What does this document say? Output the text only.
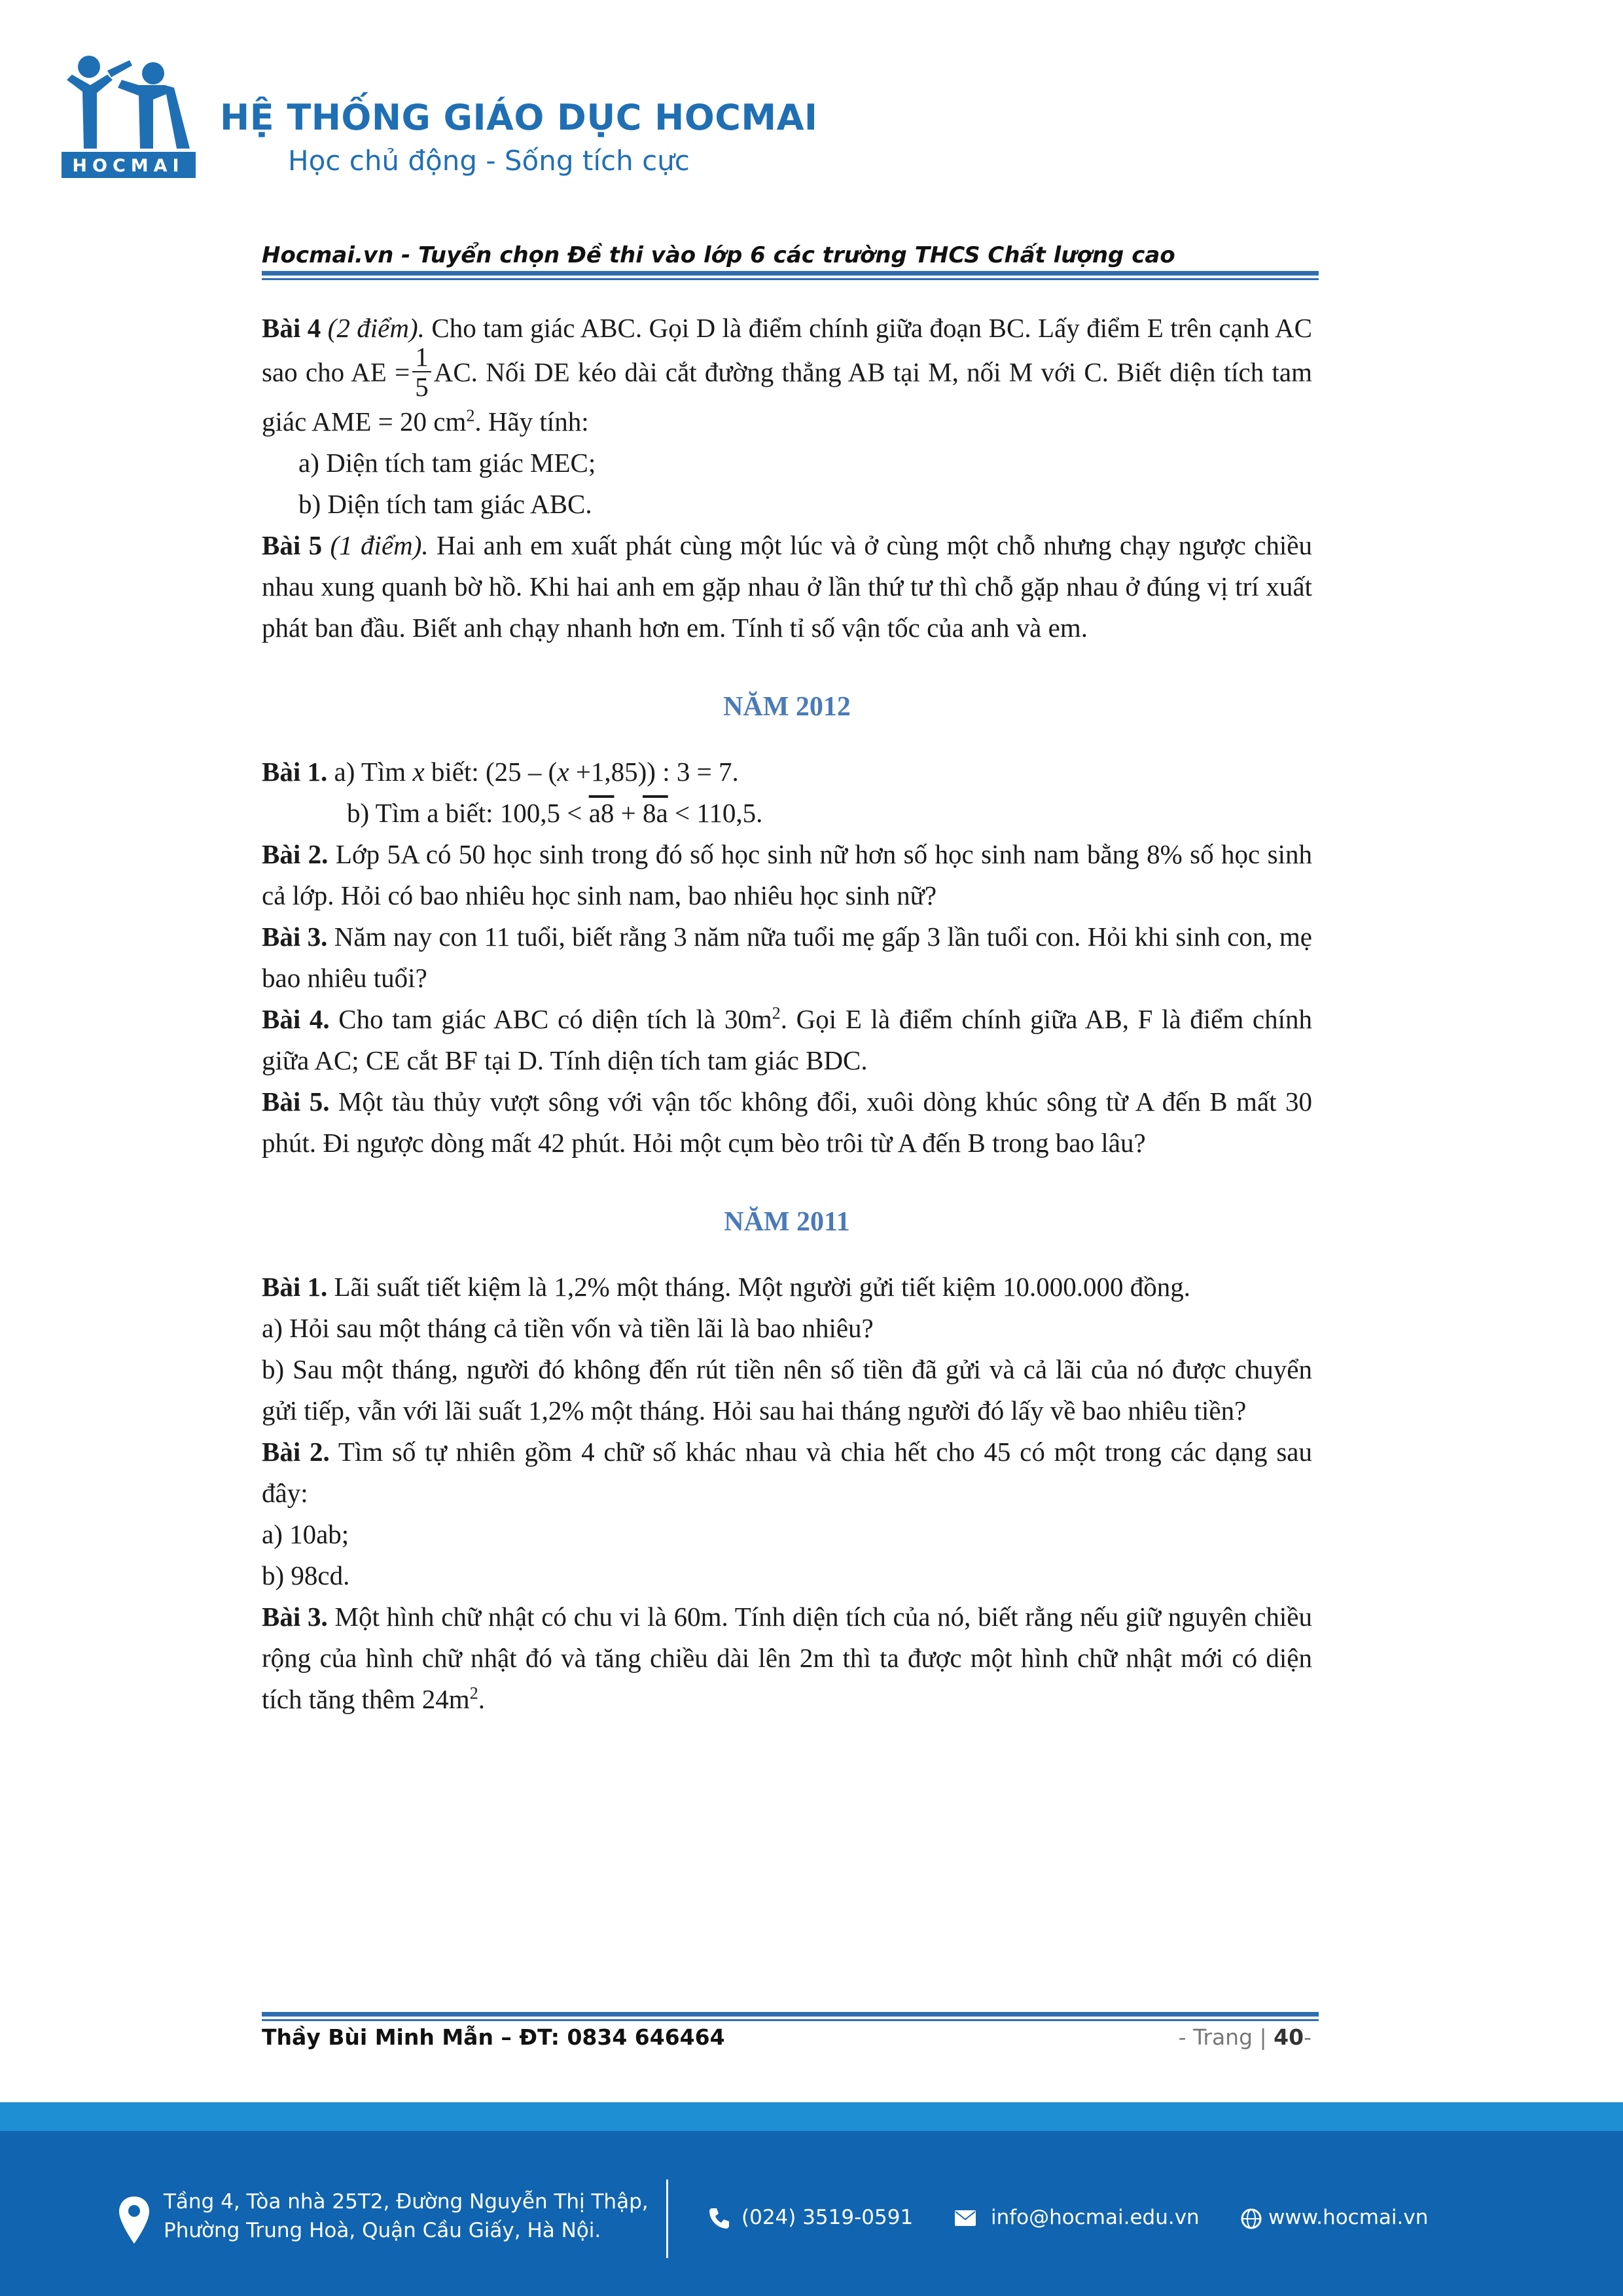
HOCMAI
HỆ THỐNG GIÁO DỤC HOCMAI
Học chủ động - Sống tích cực
Hocmai.vn - Tuyển chọn Đề thi vào lớp 6 các trường THCS Chất lượng cao

Bài 4 (2 điểm). Cho tam giác ABC. Gọi D là điểm chính giữa đoạn BC. Lấy điểm E trên cạnh AC sao cho AE = $\frac{1}{5}$ AC. Nối DE kéo dài cắt đường thẳng AB tại M, nối M với C. Biết diện tích tam giác AME = 20 $cm^2$. Hãy tính:

a) Diện tích tam giác MEC;

b) Diện tích tam giác ABC.

Bài 5 (1 điểm). Hai anh em xuất phát cùng một lúc và ở cùng một chỗ nhưng chạy ngược chiều nhau xung quanh bờ hồ. Khi hai anh em gặp nhau ở lần thứ tư thì chỗ gặp nhau ở đúng vị trí xuất phát ban đầu. Biết anh chạy nhanh hơn em. Tính tỉ số vận tốc của anh và em.

NĂM 2012

Bài 1. a) Tìm x biết: (25 – (x +1,85)) : 3 = 7.

b) Tìm a biết: 100,5 < a8 + 8a < 110,5.

Bài 2. Lớp 5A có 50 học sinh trong đó số học sinh nữ hơn số học sinh nam bằng 8% số học sinh cả lớp. Hỏi có bao nhiêu học sinh nam, bao nhiêu học sinh nữ?

Bài 3. Năm nay con 11 tuổi, biết rằng 3 năm nữa tuổi mẹ gấp 3 lần tuổi con. Hỏi khi sinh con, mẹ bao nhiêu tuổi?

Bài 4. Cho tam giác ABC có diện tích là $30m^2$. Gọi E là điểm chính giữa AB, F là điểm chính giữa AC; CE cắt BF tại D. Tính diện tích tam giác BDC.

Bài 5. Một tàu thủy vượt sông với vận tốc không đổi, xuôi dòng khúc sông từ A đến B mất 30 phút. Đi ngược dòng mất 42 phút. Hỏi một cụm bèo trôi từ A đến B trong bao lâu?

NĂM 2011

Bài 1. Lãi suất tiết kiệm là 1,2% một tháng. Một người gửi tiết kiệm 10.000.000 đồng.

a) Hỏi sau một tháng cả tiền vốn và tiền lãi là bao nhiêu?

b) Sau một tháng, người đó không đến rút tiền nên số tiền đã gửi và cả lãi của nó được chuyển gửi tiếp, vẫn với lãi suất 1,2% một tháng. Hỏi sau hai tháng người đó lấy về bao nhiêu tiền?

Bài 2. Tìm số tự nhiên gồm 4 chữ số khác nhau và chia hết cho 45 có một trong các dạng sau đây:

a) 10ab;

b) 98cd.

Bài 3. Một hình chữ nhật có chu vi là 60m. Tính diện tích của nó, biết rằng nếu giữ nguyên chiều rộng của hình chữ nhật đó và tăng chiều dài lên 2m thì ta được một hình chữ nhật mới có diện tích tăng thêm $24m^2$.

Thầy Bùi Minh Mẫn – ĐT: 0834 646464	- Trang | 40-
Tầng 4, Tòa nhà 25T2, Đường Nguyễn Thị Thập,
Phường Trung Hoà, Quận Cầu Giấy, Hà Nội.
(024) 3519-0591	info@hocmai.edu.vn	www.hocmai.vn
